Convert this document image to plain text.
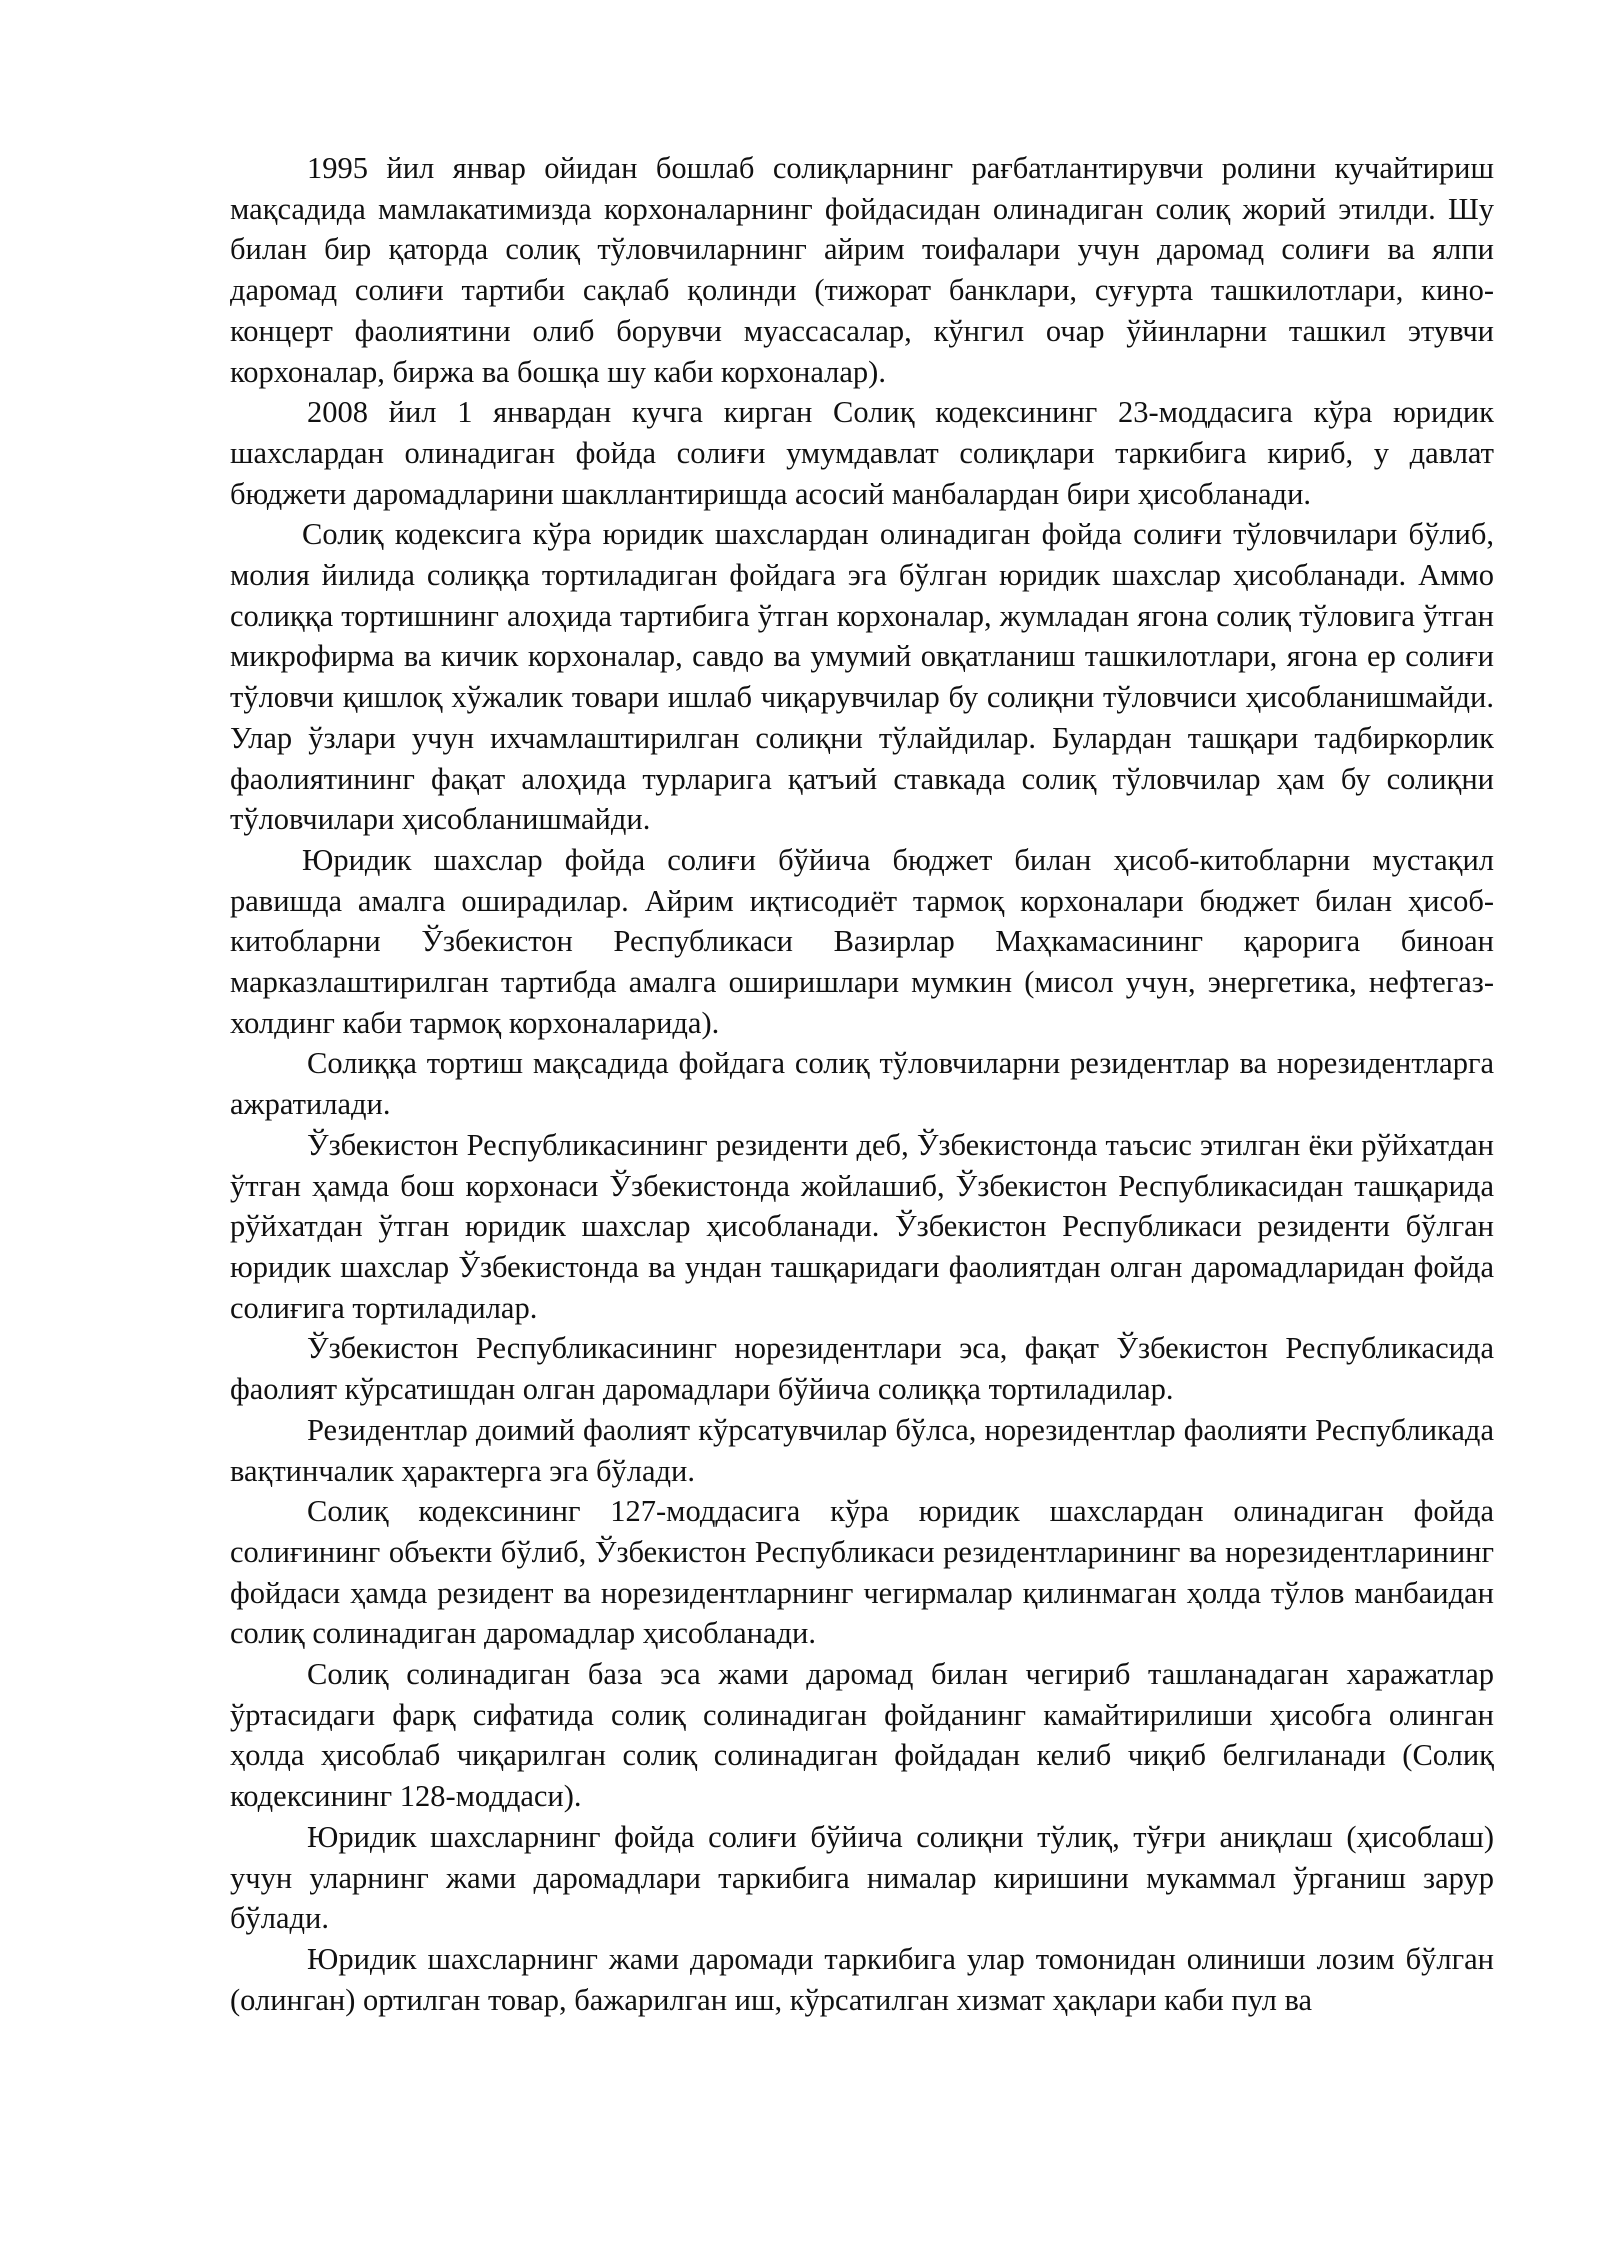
1995 йил январ ойидан бошлаб солиқларнинг рағбатлантирувчи ролини кучайтириш мақсадида мамлакатимизда корхоналарнинг фойдасидан олинадиган солиқ жорий этилди. Шу билан бир қаторда солиқ тўловчиларнинг айрим тоифалари учун даромад солиғи ва ялпи даромад солиғи тартиби сақлаб қолинди (тижорат банклари, суғурта ташкилотлари, кино-концерт фаолиятини олиб борувчи муассасалар, кўнгил очар ўйинларни ташкил этувчи корхоналар, биржа ва бошқа шу каби корхоналар).

2008 йил 1 январдан кучга кирган Солиқ кодексининг 23-моддасига кўра юридик шахслардан олинадиган фойда солиғи умумдавлат солиқлари таркибига кириб, у давлат бюджети даромадларини шакллантиришда асосий манбалардан бири ҳисобланади.

Солиқ кодексига кўра юридик шахслардан олинадиган фойда солиғи тўловчилари бўлиб, молия йилида солиққа тортиладиган фойдага эга бўлган юридик шахслар ҳисобланади. Аммо солиққа тортишнинг алоҳида тартибига ўтган корхоналар, жумладан ягона солиқ тўловига ўтган микрофирма ва кичик корхоналар, савдо ва умумий овқатланиш ташкилотлари, ягона ер солиғи тўловчи қишлоқ хўжалик товари ишлаб чиқарувчилар бу солиқни тўловчиси ҳисобланишмайди. Улар ўзлари учун ихчамлаштирилган солиқни тўлайдилар. Булардан ташқари тадбиркорлик фаолиятининг фақат алоҳида турларига қатъий ставкада солиқ тўловчилар ҳам бу солиқни тўловчилари ҳисобланишмайди.

Юридик шахслар фойда солиғи бўйича бюджет билан ҳисоб-китобларни мустақил равишда амалга оширадилар. Айрим иқтисодиёт тармоқ корхоналари бюджет билан ҳисоб-китобларни Ўзбекистон Республикаси Вазирлар Маҳкамасининг қарорига биноан марказлаштирилган тартибда амалга оширишлари мумкин (мисол учун, энергетика, нефтегаз-холдинг каби тармоқ корхоналарида).

Солиққа тортиш мақсадида фойдага солиқ тўловчиларни резидентлар ва норезидентларга ажратилади.

Ўзбекистон Республикасининг резиденти деб, Ўзбекистонда таъсис этилган ёки рўйхатдан ўтган ҳамда бош корхонаси Ўзбекистонда жойлашиб, Ўзбекистон Республикасидан ташқарида рўйхатдан ўтган юридик шахслар ҳисобланади. Ўзбекистон Республикаси резиденти бўлган юридик шахслар Ўзбекистонда ва ундан ташқаридаги фаолиятдан олган даромадларидан фойда солиғига тортиладилар.

Ўзбекистон Республикасининг норезидентлари эса, фақат Ўзбекистон Республикасида фаолият кўрсатишдан олган даромадлари бўйича солиққа тортиладилар.

Резидентлар доимий фаолият кўрсатувчилар бўлса, норезидентлар фаолияти Республикада вақтинчалик ҳарактерга эга бўлади.

Солиқ кодексининг 127-моддасига кўра юридик шахслардан олинадиган фойда солиғининг объекти бўлиб, Ўзбекистон Республикаси резидентларининг ва норезидентларининг фойдаси ҳамда резидент ва норезидентларнинг чегирмалар қилинмаган ҳолда тўлов манбаидан солиқ солинадиган даромадлар ҳисобланади.

Солиқ солинадиган база эса жами даромад билан чегириб ташланадаган харажатлар ўртасидаги фарқ сифатида солиқ солинадиган фойданинг камайтирилиши ҳисобга олинган ҳолда ҳисоблаб чиқарилган солиқ солинадиган фойдадан келиб чиқиб белгиланади (Солиқ кодексининг 128-моддаси).

Юридик шахсларнинг фойда солиғи бўйича солиқни тўлиқ, тўғри аниқлаш (ҳисоблаш) учун уларнинг жами даромадлари таркибига нималар киришини мукаммал ўрганиш зарур бўлади.

Юридик шахсларнинг жами даромади таркибига улар томонидан олиниши лозим бўлган (олинган) ортилган товар, бажарилган иш, кўрсатилган хизмат ҳақлари каби пул ва
